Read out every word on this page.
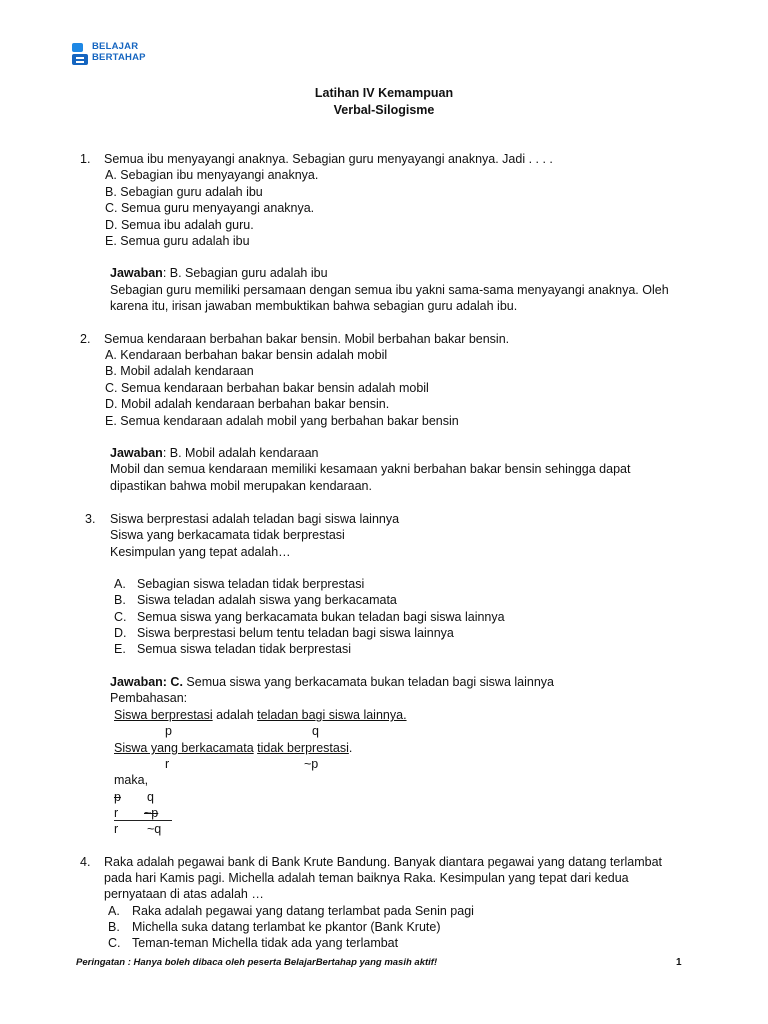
BELAJAR
BERTAHAP
Latihan IV Kemampuan
Verbal-Silogisme
1. Semua ibu menyayangi anaknya. Sebagian guru menyayangi anaknya. Jadi . . . .
A. Sebagian ibu menyayangi anaknya.
B. Sebagian guru adalah ibu
C. Semua guru menyayangi anaknya.
D. Semua ibu adalah guru.
E. Semua guru adalah ibu
Jawaban: B. Sebagian guru adalah ibu
Sebagian guru memiliki persamaan dengan semua ibu yakni sama-sama menyayangi anaknya. Oleh
karena itu, irisan jawaban membuktikan bahwa sebagian guru adalah ibu.
2. Semua kendaraan berbahan bakar bensin. Mobil berbahan bakar bensin.
A. Kendaraan berbahan bakar bensin adalah mobil
B. Mobil adalah kendaraan
C. Semua kendaraan berbahan bakar bensin adalah mobil
D. Mobil adalah kendaraan berbahan bakar bensin.
E. Semua kendaraan adalah mobil yang berbahan bakar bensin
Jawaban: B. Mobil adalah kendaraan
Mobil dan semua kendaraan memiliki kesamaan yakni berbahan bakar bensin sehingga dapat
dipastikan bahwa mobil merupakan kendaraan.
3. Siswa berprestasi adalah teladan bagi siswa lainnya
Siswa yang berkacamata tidak berprestasi
Kesimpulan yang tepat adalah…
A. Sebagian siswa teladan tidak berprestasi
B. Siswa teladan adalah siswa yang berkacamata
C. Semua siswa yang berkacamata bukan teladan bagi siswa lainnya
D. Siswa berprestasi belum tentu teladan bagi siswa lainnya
E. Semua siswa teladan tidak berprestasi
Jawaban: C. Semua siswa yang berkacamata bukan teladan bagi siswa lainnya
Pembahasan:
Siswa berprestasi adalah teladan bagi siswa lainnya.
p	q
Siswa yang berkacamata tidak berprestasi.
r	~p
maka,
p q
r ~p
r ~q
4. Raka adalah pegawai bank di Bank Krute Bandung. Banyak diantara pegawai yang datang terlambat
pada hari Kamis pagi. Michella adalah teman baiknya Raka. Kesimpulan yang tepat dari kedua
pernyataan di atas adalah …
A. Raka adalah pegawai yang datang terlambat pada Senin pagi
B. Michella suka datang terlambat ke pkantor (Bank Krute)
C. Teman-teman Michella tidak ada yang terlambat
Peringatan : Hanya boleh dibaca oleh peserta BelajarBertahap yang masih aktif!	1
